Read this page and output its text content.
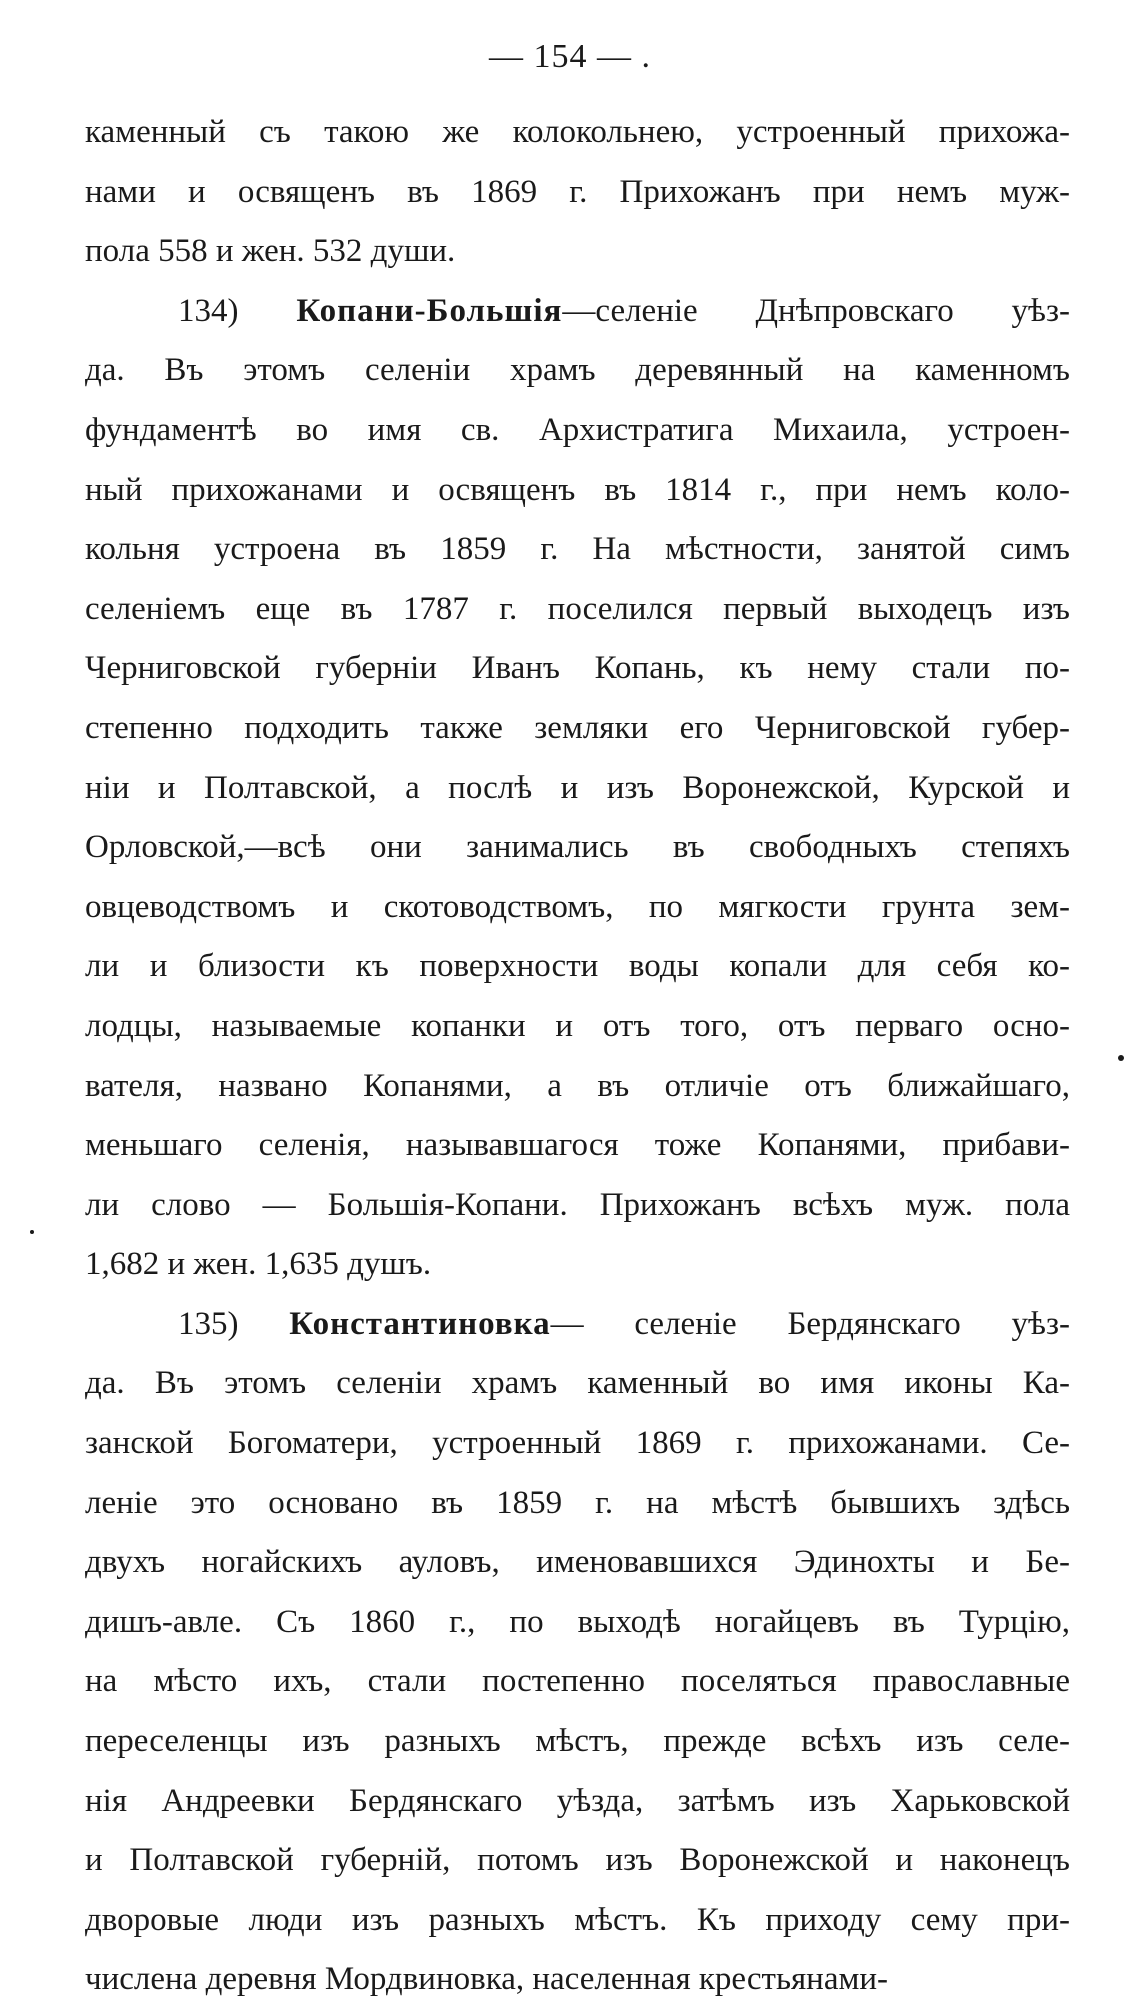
— 154 — .
каменный съ такою же колокольнею, устроенный прихожа-
нами и освященъ въ 1869 г. Прихожанъ при немъ муж-
пола 558 и жен. 532 души.
134) Копани-Большія—селеніе Днѣпровскаго уѣз-
да. Въ этомъ селеніи храмъ деревянный на каменномъ
фундаментѣ во имя св. Архистратига Михаила, устроен-
ный прихожанами и освященъ въ 1814 г., при немъ коло-
кольня устроена въ 1859 г. На мѣстности, занятой симъ
селеніемъ еще въ 1787 г. поселился первый выходецъ изъ
Черниговской губерніи Иванъ Копань, къ нему стали по-
степенно подходить также земляки его Черниговской губер-
ніи и Полтавской, а послѣ и изъ Воронежской, Курской и
Орловской,—всѣ они занимались въ свободныхъ степяхъ
овцеводствомъ и скотоводствомъ, по мягкости грунта зем-
ли и близости къ поверхности воды копали для себя ко-
лодцы, называемые копанки и отъ того, отъ перваго осно-
вателя, названо Копанями, а въ отличіе отъ ближайшаго,
меньшаго селенія, называвшагося тоже Копанями, прибави-
ли слово — Большія-Копани. Прихожанъ всѣхъ муж. пола
1,682 и жен. 1,635 душъ.
135) Константиновка— селеніе Бердянскаго уѣз-
да. Въ этомъ селеніи храмъ каменный во имя иконы Ка-
занской Богоматери, устроенный 1869 г. прихожанами. Се-
леніе это основано въ 1859 г. на мѣстѣ бывшихъ здѣсь
двухъ ногайскихъ ауловъ, именовавшихся Эдинохты и Бе-
дишъ-авле. Съ 1860 г., по выходѣ ногайцевъ въ Турцію,
на мѣсто ихъ, стали постепенно поселяться православные
переселенцы изъ разныхъ мѣстъ, прежде всѣхъ изъ селе-
нія Андреевки Бердянскаго уѣзда, затѣмъ изъ Харьковской
и Полтавской губерній, потомъ изъ Воронежской и наконецъ
дворовые люди изъ разныхъ мѣстъ. Къ приходу сему при-
числена деревня Мордвиновка, населенная крестьянами-
